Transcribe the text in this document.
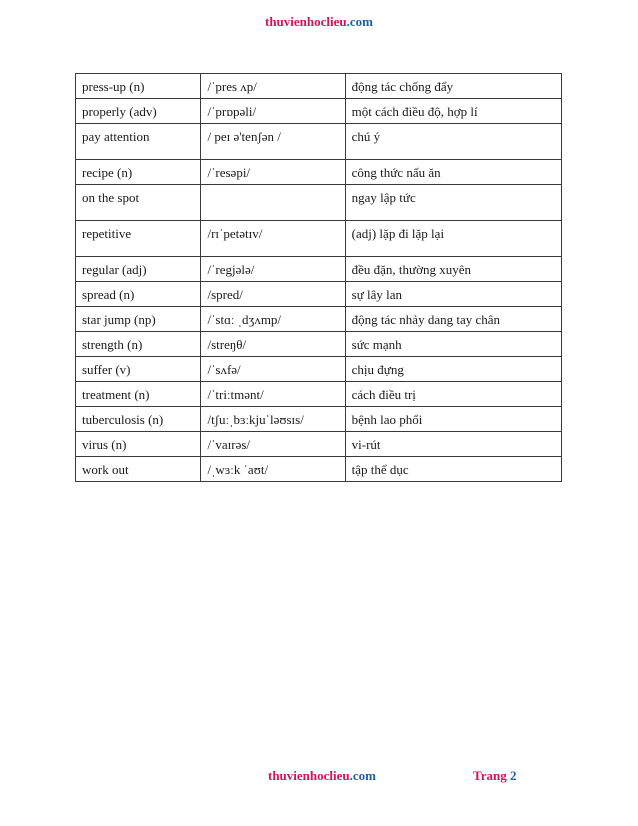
thuvienhoclieu.com
press-up (n)	/ˈpres ʌp/	động tác chống đẩy
properly (adv)	/ˈprɒpəli/	một cách điều độ, hợp lí
pay attention	/ peɪ ə'tenʃən /	chú ý
recipe (n)	/ˈresəpi/	công thức nấu ăn
on the spot		ngay lập tức
repetitive	/rɪˈpetətɪv/	(adj) lặp đi lặp lại
regular (adj)	/ˈregjələ/	đều đặn, thường xuyên
spread (n)	/spred/	sự lây lan
star jump (np)	/ˈstɑː ˌdʒʌmp/	động tác nhảy dang tay chân
strength (n)	/streŋθ/	sức mạnh
suffer (v)	/ˈsʌfə/	chịu đựng
treatment (n)	/ˈtriːtmənt/	cách điều trị
tuberculosis (n)	/tʃuːˌbɜːkjuˈləʊsɪs/	bệnh lao phổi
virus (n)	/ˈvaɪrəs/	vi-rút
work out	/ˌwɜːk ˈaʊt/	tập thể dục
thuvienhoclieu.com	Trang 2
